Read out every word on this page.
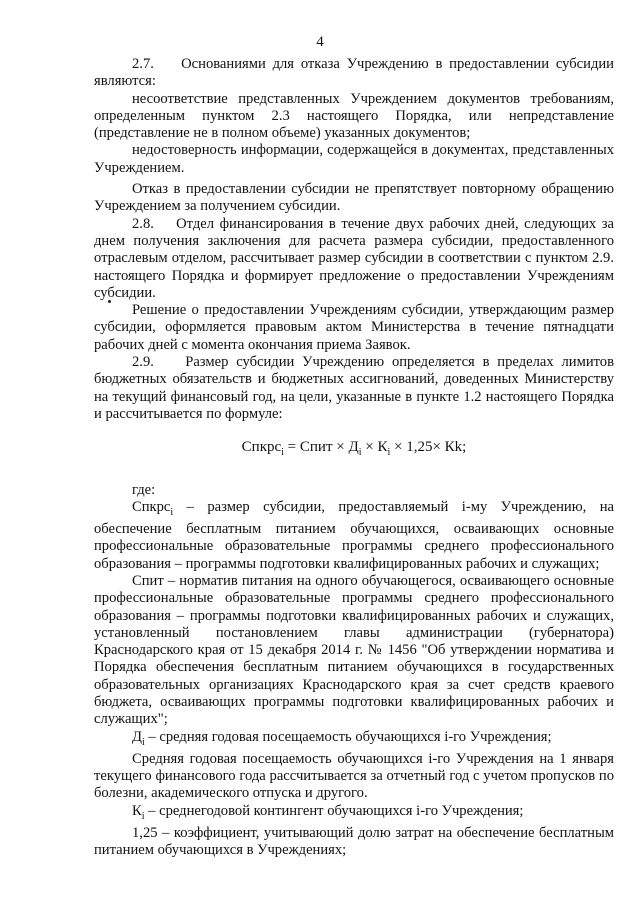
4

2.7.    Основаниями для отказа Учреждению в предоставлении субсидии являются:

несоответствие представленных Учреждением документов требованиям, определенным пунктом 2.3 настоящего Порядка, или непредставление (представление не в полном объеме) указанных документов;

недостоверность информации, содержащейся в документах, представленных Учреждением.

Отказ в предоставлении субсидии не препятствует повторному обращению Учреждением за получением субсидии.

2.8.    Отдел финансирования в течение двух рабочих дней, следующих за днем получения заключения для расчета размера субсидии, предоставленного отраслевым отделом, рассчитывает размер субсидии в соответствии с пунктом 2.9. настоящего Порядка и формирует предложение о предоставлении Учреждениям субсидии.

Решение о предоставлении Учреждениям субсидии, утверждающим размер субсидии, оформляется правовым актом Министерства в течение пятнадцати рабочих дней с момента окончания приема Заявок.

2.9.    Размер субсидии Учреждению определяется в пределах лимитов бюджетных обязательств и бюджетных ассигнований, доведенных Министерству на текущий финансовый год, на цели, указанные в пункте 1.2 настоящего Порядка и рассчитывается по формуле:

Спкрс$_i$ = Спит × $Д_i \times К_i \times 1,25\times$ Кk;

где:

Спкрс$_i$ – размер субсидии, предоставляемый i-му Учреждению, на обеспечение бесплатным питанием обучающихся, осваивающих основные профессиональные образовательные программы среднего профессионального образования – программы подготовки квалифицированных рабочих и служащих;

Спит – норматив питания на одного обучающегося, осваивающего основные профессиональные образовательные программы среднего профессионального образования – программы подготовки квалифицированных рабочих и служащих, установленный постановлением главы администрации (губернатора) Краснодарского края от 15 декабря 2014 г. № 1456 "Об утверждении норматива и Порядка обеспечения бесплатным питанием обучающихся в государственных образовательных организациях Краснодарского края за счет средств краевого бюджета, осваивающих программы подготовки квалифицированных рабочих и служащих";

$Д_i$ – средняя годовая посещаемость обучающихся i-го Учреждения;

Средняя годовая посещаемость обучающихся i-го Учреждения на 1 января текущего финансового года рассчитывается за отчетный год с учетом пропусков по болезни, академического отпуска и другого.

$К_i$ – среднегодовой контингент обучающихся i-го Учреждения;

1,25 – коэффициент, учитывающий долю затрат на обеспечение бесплатным питанием обучающихся в Учреждениях;
